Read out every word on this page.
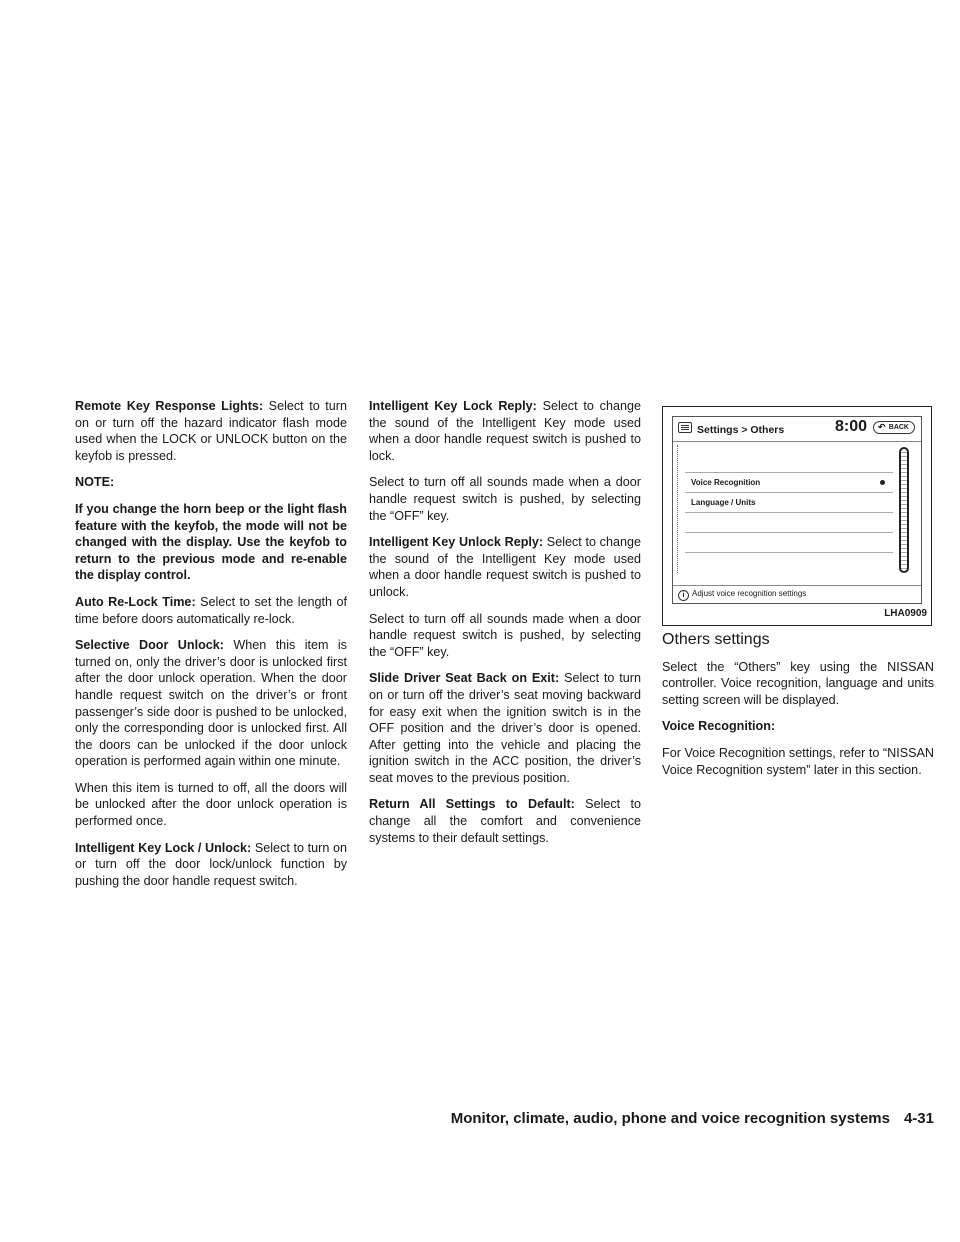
Remote Key Response Lights: Select to turn on or turn off the hazard indicator flash mode used when the LOCK or UNLOCK button on the keyfob is pressed.

NOTE:

If you change the horn beep or the light flash feature with the keyfob, the mode will not be changed with the display. Use the keyfob to return to the previous mode and re-enable the display control.

Auto Re-Lock Time: Select to set the length of time before doors automatically re-lock.

Selective Door Unlock: When this item is turned on, only the driver’s door is unlocked first after the door unlock operation. When the door handle request switch on the driver’s or front passenger’s side door is pushed to be unlocked, only the corresponding door is unlocked first. All the doors can be unlocked if the door unlock operation is performed again within one minute.

When this item is turned to off, all the doors will be unlocked after the door unlock operation is performed once.

Intelligent Key Lock / Unlock: Select to turn on or turn off the door lock/unlock function by pushing the door handle request switch.

Intelligent Key Lock Reply: Select to change the sound of the Intelligent Key mode used when a door handle request switch is pushed to lock.

Select to turn off all sounds made when a door handle request switch is pushed, by selecting the “OFF” key.

Intelligent Key Unlock Reply: Select to change the sound of the Intelligent Key mode used when a door handle request switch is pushed to unlock.

Select to turn off all sounds made when a door handle request switch is pushed, by selecting the “OFF” key.

Slide Driver Seat Back on Exit: Select to turn on or turn off the driver’s seat moving backward for easy exit when the ignition switch is in the OFF position and the driver’s door is opened. After getting into the vehicle and placing the ignition switch in the ACC position, the driver’s seat moves to the previous position.

Return All Settings to Default: Select to change all the comfort and convenience systems to their default settings.

Settings > Others	8:00 ↶ BACK
Voice Recognition
Language / Units
i Adjust voice recognition settings
LHA0909
Others settings

Select the “Others” key using the NISSAN controller. Voice recognition, language and units setting screen will be displayed.

Voice Recognition:

For Voice Recognition settings, refer to “NISSAN Voice Recognition system” later in this section.

Monitor, climate, audio, phone and voice recognition systems 4-31
